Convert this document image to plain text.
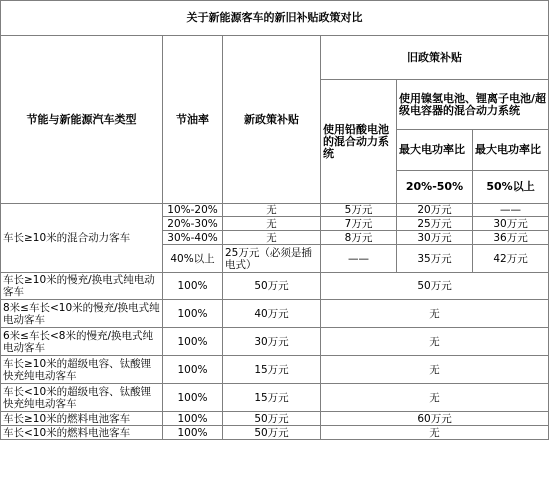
关于新能源客车的新旧补贴政策对比					
节能与新能源汽车类型	节油率	新政策补贴	旧政策补贴		
			使用铅酸电池的混合动力系统	使用镍氢电池、锂离子电池/超级电容器的混合动力系统	
				最大电功率比	最大电功率比
				20%-50%	50%以上
车长≥10米的混合动力客车	10%-20%	无	5万元	20万元	——
	20%-30%	无	7万元	25万元	30万元
	30%-40%	无	8万元	30万元	36万元
	40%以上	25万元（必须是插电式）	——	35万元	42万元
车长≥10米的慢充/换电式纯电动客车	100%	50万元	50万元		
8米≤车长<10米的慢充/换电式纯电动客车	100%	40万元	无		
6米≤车长<8米的慢充/换电式纯电动客车	100%	30万元	无		
车长≥10米的超级电容、钛酸锂快充纯电动客车	100%	15万元	无		
车长<10米的超级电容、钛酸锂快充纯电动客车	100%	15万元	无		
车长≥10米的燃料电池客车	100%	50万元	60万元		
车长<10米的燃料电池客车	100%	50万元	无		
